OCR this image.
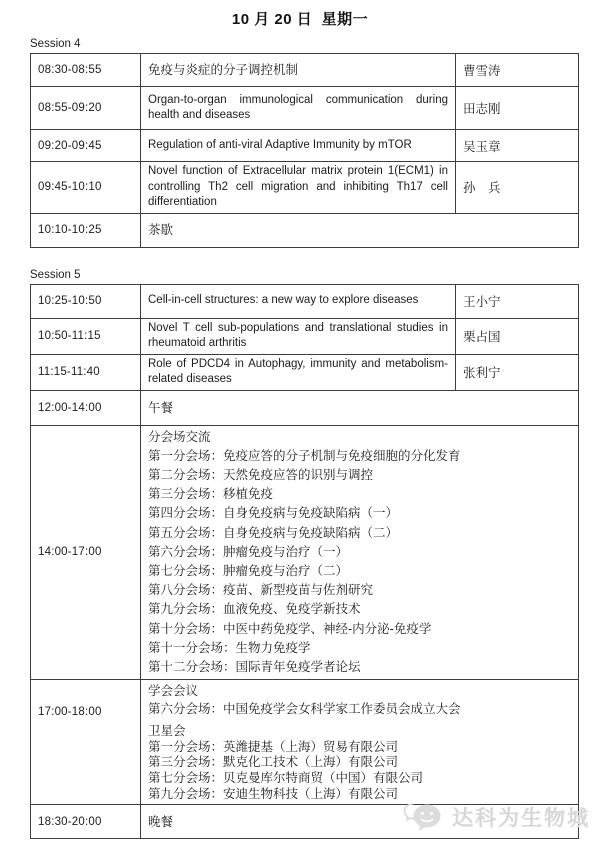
10 月 20 日  星期一
Session 4
08:30-08:55	免疫与炎症的分子调控机制	曹雪涛
08:55-09:20	Organ-to-organ immunological communication during health and diseases	田志刚
09:20-09:45	Regulation of anti-viral Adaptive Immunity by mTOR	吴玉章
09:45-10:10	Novel function of Extracellular matrix protein 1(ECM1) in controlling Th2 cell migration and inhibiting Th17 cell differentiation	孙　兵
10:10-10:25	茶歇	
Session 5
10:25-10:50	Cell-in-cell structures: a new way to explore diseases	王小宁
10:50-11:15	Novel T cell sub-populations and translational studies in rheumatoid arthritis	栗占国
11:15-11:40	Role of PDCD4 in Autophagy, immunity and metabolism-related diseases	张利宁
12:00-14:00	午餐	
14:00-17:00	
分会场交流
第一分会场：免疫应答的分子机制与免疫细胞的分化发育
第二分会场：天然免疫应答的识别与调控
第三分会场：移植免疫
第四分会场：自身免疫病与免疫缺陷病（一）
第五分会场：自身免疫病与免疫缺陷病（二）
第六分会场：肿瘤免疫与治疗（一）
第七分会场：肿瘤免疫与治疗（二）
第八分会场：疫苗、新型疫苗与佐剂研究
第九分会场：血液免疫、免疫学新技术
第十分会场：中医中药免疫学、神经-内分泌-免疫学
第十一分会场：生物力免疫学
第十二分会场：国际青年免疫学者论坛

17:00-18:00	
学会会议
第六分会场：中国免疫学会女科学家工作委员会成立大会
卫星会
第一分会场：英潍捷基（上海）贸易有限公司
第三分会场：默克化工技术（上海）有限公司
第七分会场：贝克曼库尔特商贸（中国）有限公司
第九分会场：安迪生物科技（上海）有限公司

18:30-20:00	晚餐		达科为生物城
